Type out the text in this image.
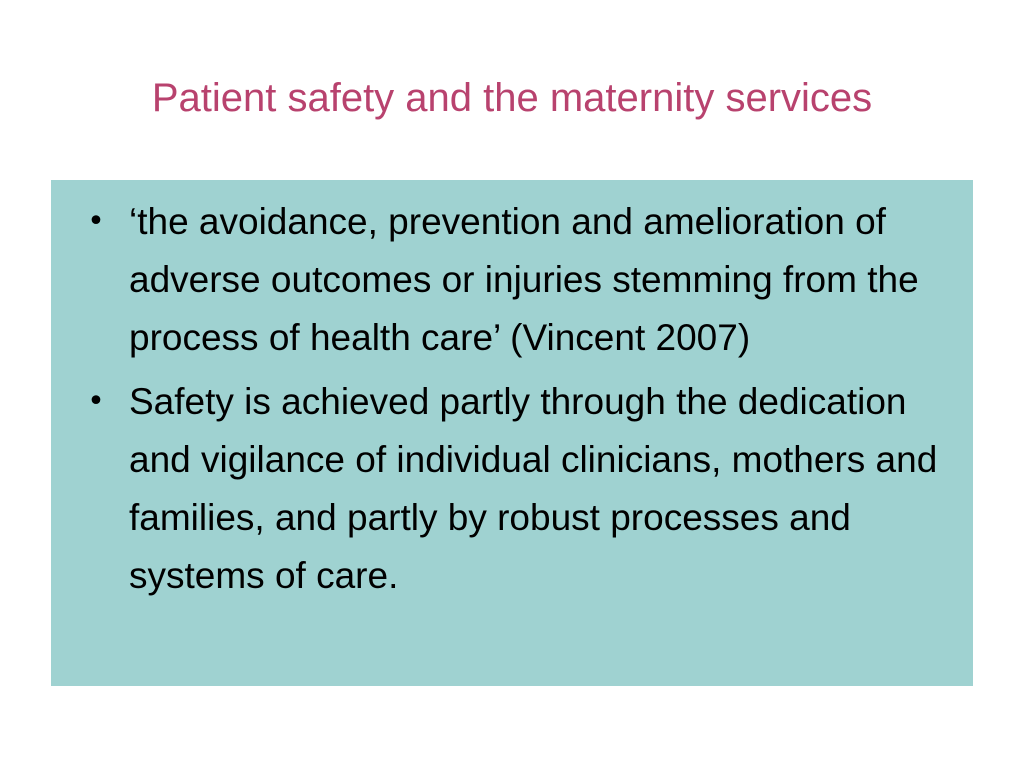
Patient safety and the maternity services
• ‘the avoidance, prevention and amelioration of adverse outcomes or injuries stemming from the process of health care’ (Vincent 2007)
• Safety is achieved partly through the dedication and vigilance of individual clinicians, mothers and families, and partly by robust processes and systems of care.
